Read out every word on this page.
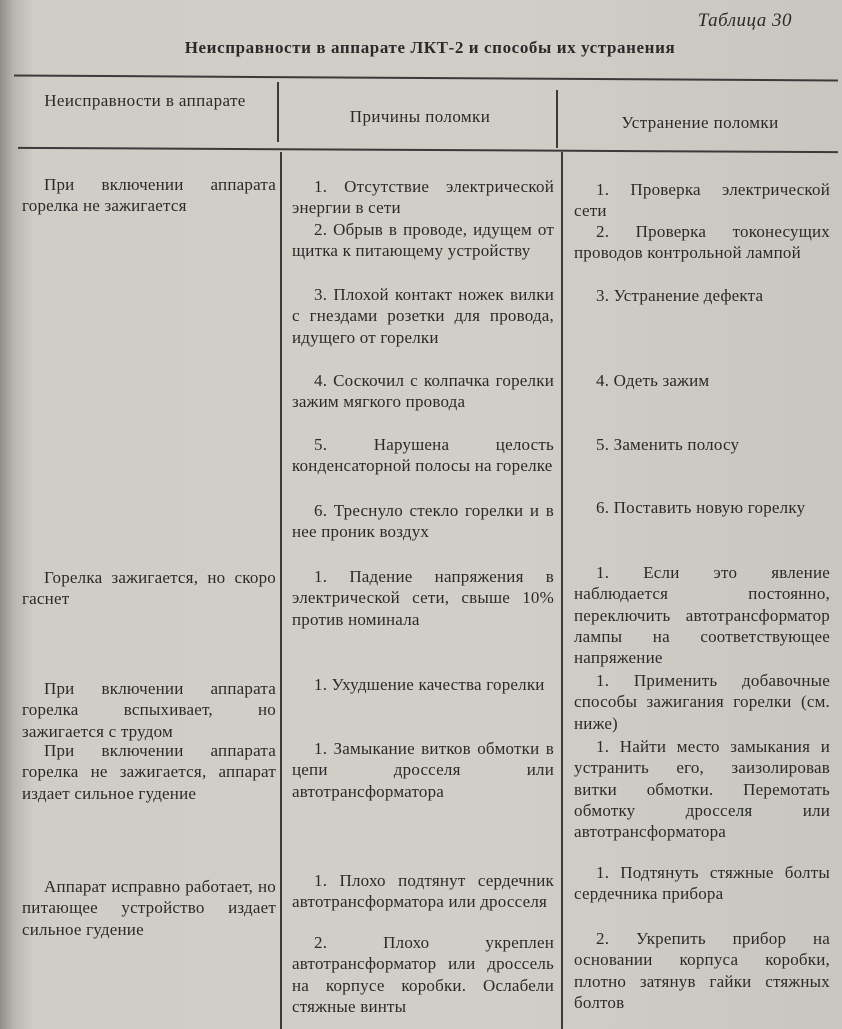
Таблица 30
Неисправности в аппарате ЛКТ-2 и способы их устранения
Неисправности в аппарате
Причины поломки	Устранение поломки
При включении аппарата горелка не зажигается
1. Отсутствие электрической энергии в сети
2. Обрыв в проводе, идущем от щитка к питающему устройству
3. Плохой контакт ножек вилки с гнездами розетки для провода, идущего от горелки
4. Соскочил с колпачка горелки зажим мягкого провода
5. Нарушена целость конденсаторной полосы на горелке
6. Треснуло стекло горелки и в нее проник воздух
1. Проверка электрической сети
2. Проверка токонесущих проводов контрольной лампой
3. Устранение дефекта
4. Одеть зажим
5. Заменить полосу
6. Поставить новую горелку
Горелка зажигается, но скоро гаснет
1. Падение напряжения в электрической сети, свыше 10% против номинала
1. Если это явление наблюдается постоянно, переключить автотрансформатор лампы на соответствующее напряжение
При включении аппарата горелка вспыхивает, но зажигается с трудом
1. Ухудшение качества горелки	1. Применить добавочные способы зажигания горелки (см. ниже)
При включении аппарата горелка не зажигается, аппарат издает сильное гудение
1. Замыкание витков обмотки в цепи дросселя или автотрансформатора
1. Найти место замыкания и устранить его, заизолировав витки обмотки. Перемотать обмотку дросселя или автотрансформатора
Аппарат исправно работает, но питающее устройство издает сильное гудение
1. Плохо подтянут сердечник автотрансформатора или дросселя
2. Плохо укреплен автотрансформатор или дроссель на корпусе коробки. Ослабели стяжные винты
1. Подтянуть стяжные болты сердечника прибора
2. Укрепить прибор на основании корпуса коробки, плотно затянув гайки стяжных болтов
